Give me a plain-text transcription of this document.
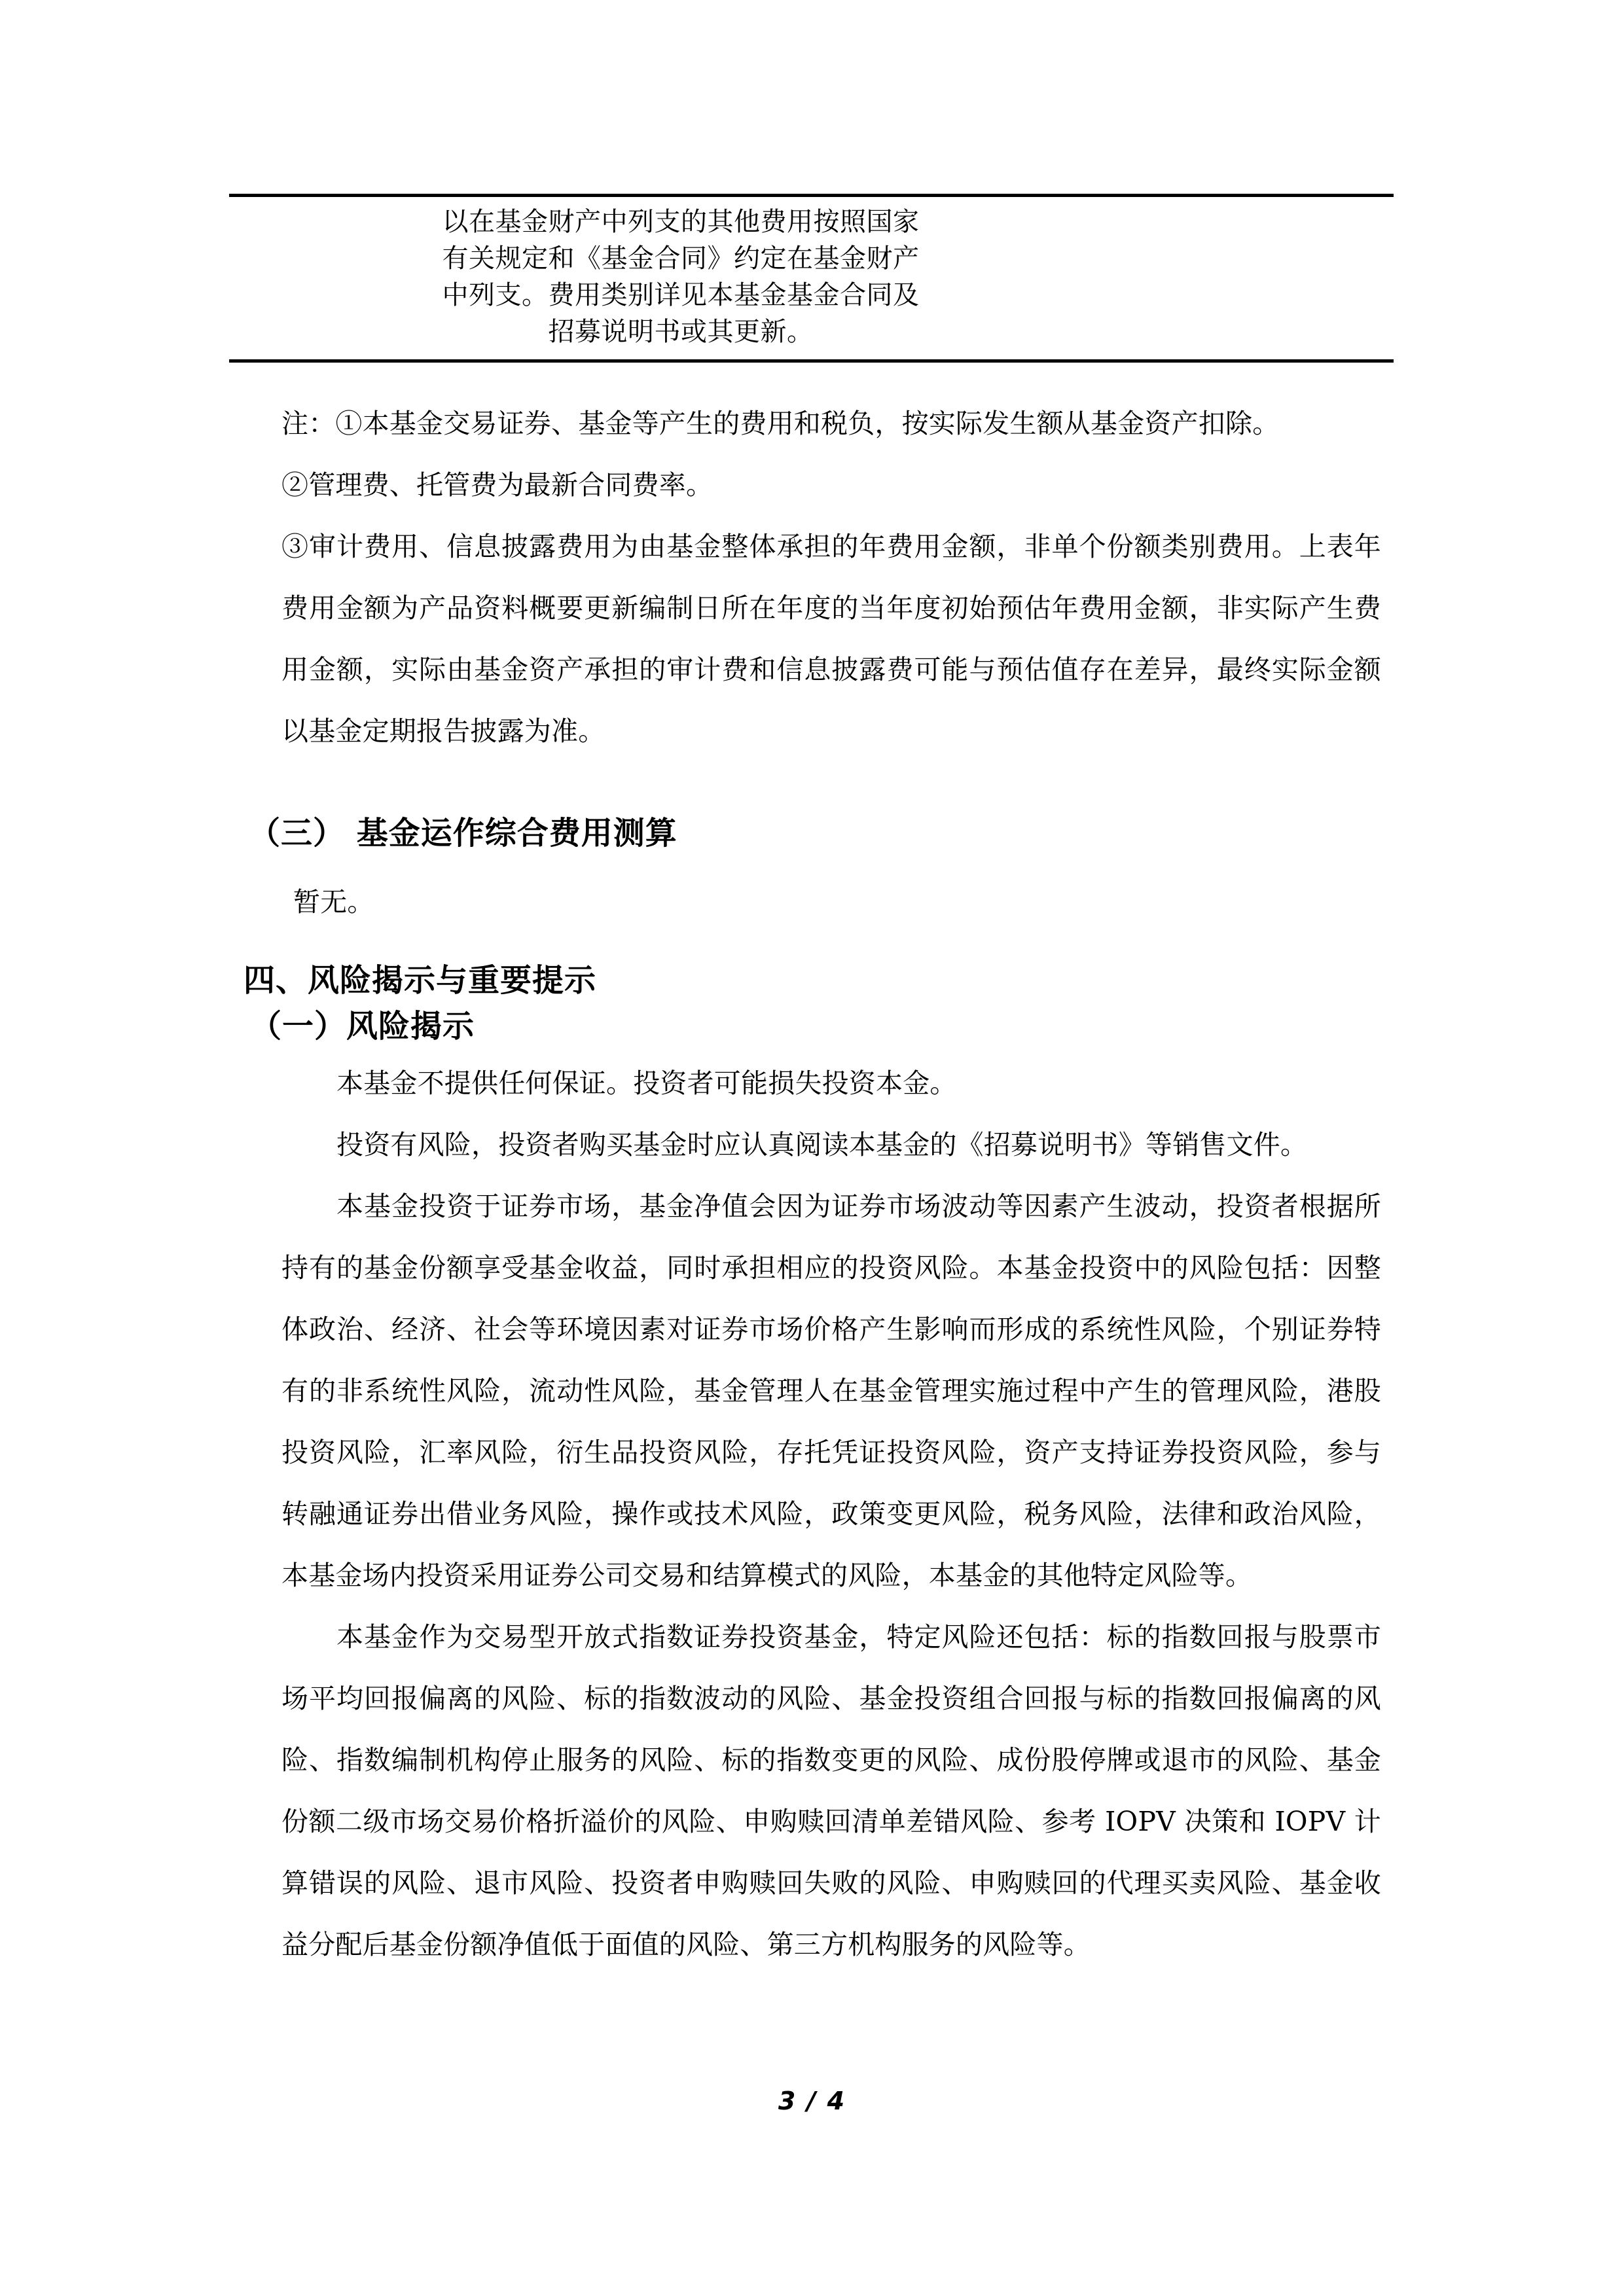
以在基金财产中列支的其他费用按照国家有关规定和《基金合同》约定在基金财产中列支。费用类别详见本基金基金合同及招募说明书或其更新。

注：①本基金交易证券、基金等产生的费用和税负，按实际发生额从基金资产扣除。

②管理费、托管费为最新合同费率。

③审计费用、信息披露费用为由基金整体承担的年费用金额，非单个份额类别费用。上表年费用金额为产品资料概要更新编制日所在年度的当年度初始预估年费用金额，非实际产生费用金额，实际由基金资产承担的审计费和信息披露费可能与预估值存在差异，最终实际金额以基金定期报告披露为准。

（三） 基金运作综合费用测算
暂无。
四、风险揭示与重要提示
（一）风险揭示

本基金不提供任何保证。投资者可能损失投资本金。

投资有风险，投资者购买基金时应认真阅读本基金的《招募说明书》等销售文件。

本基金投资于证券市场，基金净值会因为证券市场波动等因素产生波动，投资者根据所持有的基金份额享受基金收益，同时承担相应的投资风险。本基金投资中的风险包括：因整体政治、经济、社会等环境因素对证券市场价格产生影响而形成的系统性风险，个别证券特有的非系统性风险，流动性风险，基金管理人在基金管理实施过程中产生的管理风险，港股投资风险，汇率风险，衍生品投资风险，存托凭证投资风险，资产支持证券投资风险，参与转融通证券出借业务风险，操作或技术风险，政策变更风险，税务风险，法律和政治风险，本基金场内投资采用证券公司交易和结算模式的风险，本基金的其他特定风险等。

本基金作为交易型开放式指数证券投资基金，特定风险还包括：标的指数回报与股票市场平均回报偏离的风险、标的指数波动的风险、基金投资组合回报与标的指数回报偏离的风险、指数编制机构停止服务的风险、标的指数变更的风险、成份股停牌或退市的风险、基金份额二级市场交易价格折溢价的风险、申购赎回清单差错风险、参考 IOPV 决策和 IOPV 计算错误的风险、退市风险、投资者申购赎回失败的风险、申购赎回的代理买卖风险、基金收益分配后基金份额净值低于面值的风险、第三方机构服务的风险等。

3 / 4
